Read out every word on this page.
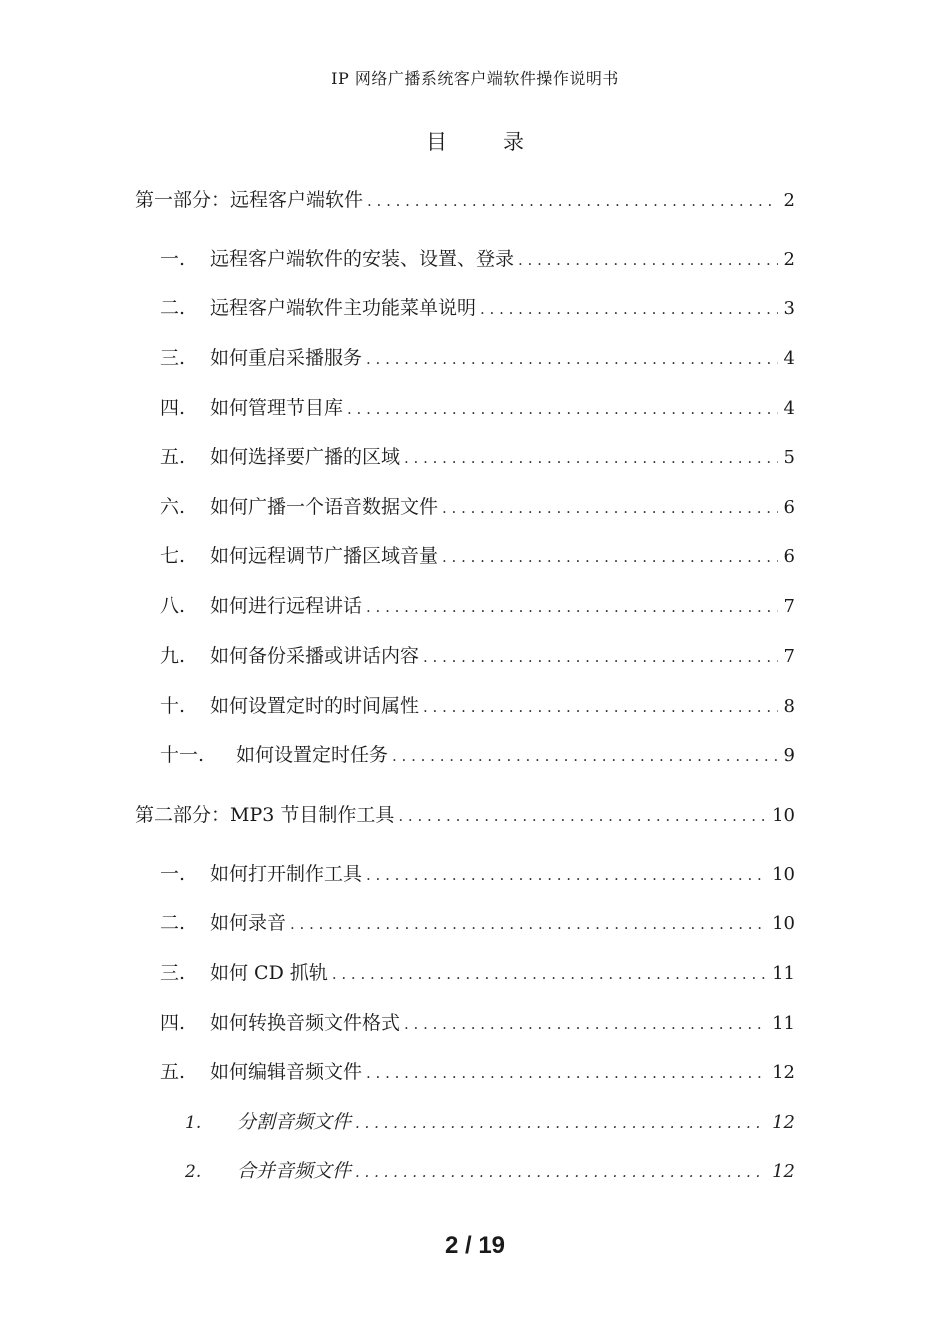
IP 网络广播系统客户端软件操作说明书
目	录
第一部分：远程客户端软件 . . .	2
一.	远程客户端软件的安装、设置、登录 . . .	2
二.	远程客户端软件主功能菜单说明 . . .	3
三.	如何重启采播服务 . . .	4
四.	如何管理节目库 . . .	4
五.	如何选择要广播的区域 . . .	5
六.	如何广播一个语音数据文件 . . .	6
七.	如何远程调节广播区域音量 . . .	6
八.	如何进行远程讲话 . . .	7
九.	如何备份采播或讲话内容 . . .	7
十.	如何设置定时的时间属性 . . .	8
十一.	如何设置定时任务 . . .	9
第二部分：MP3 节目制作工具 . . .	10
一.	如何打开制作工具 . . .	10
二.	如何录音 . . .	10
三.	如何 CD 抓轨 . . .	11
四.	如何转换音频文件格式 . . .	11
五.	如何编辑音频文件 . . .	12
1.	分割音频文件 . . .	12
2.	合并音频文件 . . .	12
2 / 19
